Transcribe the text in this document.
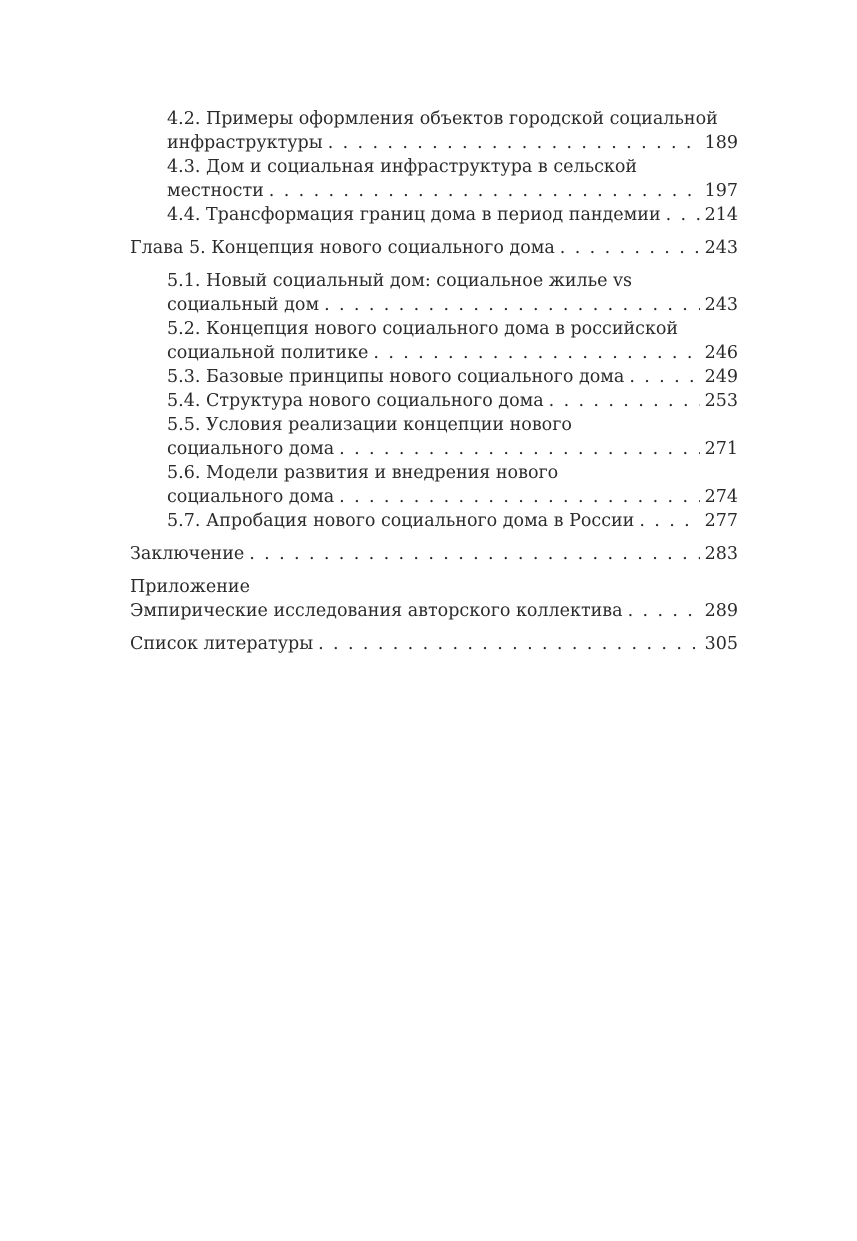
4.2. Примеры оформления объектов городской социальной
инфраструктуры . . .	189
4.3. Дом и социальная инфраструктура в сельской
местности . . .	197
4.4. Трансформация границ дома в период пандемии . . .	214
Глава 5. Концепция нового социального дома . . .	243
5.1. Новый социальный дом: социальное жилье vs
социальный дом . . .	243
5.2. Концепция нового социального дома в российской
социальной политике . . .	246
5.3. Базовые принципы нового социального дома . . .	249
5.4. Структура нового социального дома . . .	253
5.5. Условия реализации концепции нового
социального дома . . .	271
5.6. Модели развития и внедрения нового
социального дома . . .	274
5.7. Апробация нового социального дома в России . . .	277
Заключение . . .	283
Приложение
Эмпирические исследования авторского коллектива . . .	289
Список литературы . . .	305
